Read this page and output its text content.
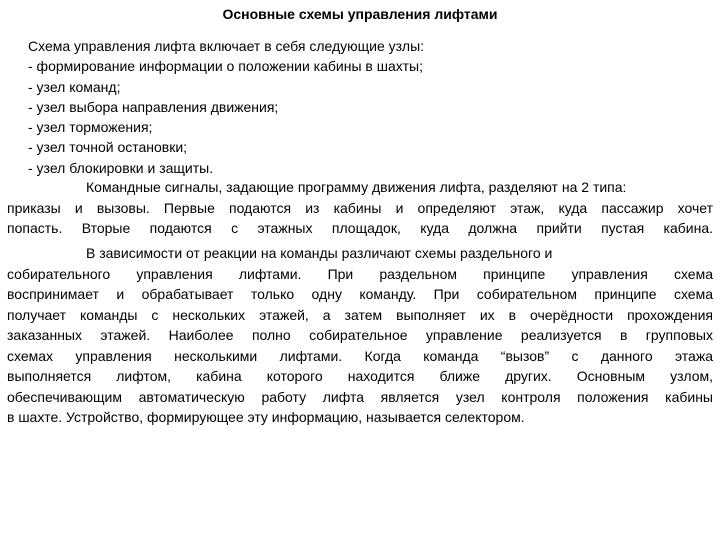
Основные схемы управления лифтами
Схема управления лифта включает в себя следующие узлы:
- формирование информации о положении кабины в шахты;
- узел команд;
- узел выбора направления движения;
- узел торможения;
- узел точной остановки;
- узел блокировки и защиты.
Командные сигналы, задающие программу движения лифта, разделяют на 2 типа:
приказы и вызовы. Первые подаются из кабины и определяют этаж, куда пассажир хочет
попасть. Вторые подаются с этажных площадок, куда должна прийти пустая кабина.
В зависимости от реакции на команды различают схемы раздельного и
собирательного управления лифтами. При раздельном принципе управления схема
воспринимает и обрабатывает только одну команду. При собирательном принципе схема
получает команды с нескольких этажей, а затем выполняет их в очерёдности прохождения
заказанных этажей. Наиболее полно собирательное управление реализуется в групповых
схемах управления несколькими лифтами. Когда команда “вызов” с данного этажа
выполняется лифтом, кабина которого находится ближе других. Основным узлом,
обеспечивающим автоматическую работу лифта является узел контроля положения кабины
в шахте. Устройство, формирующее эту информацию, называется селектором.
